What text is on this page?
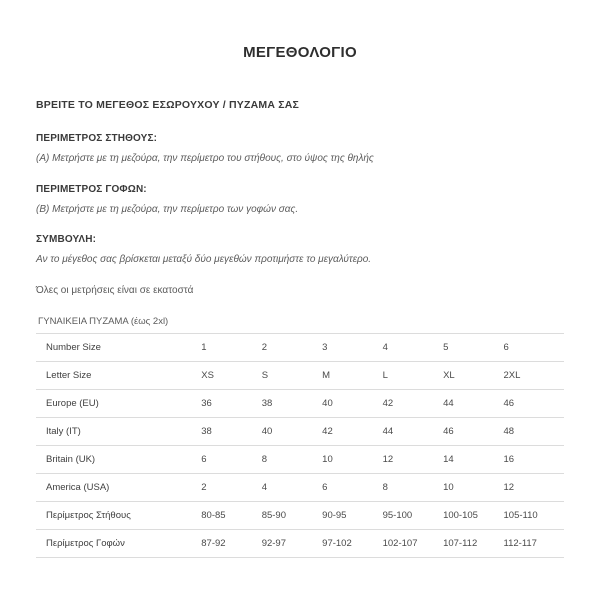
ΜΕΓΕΘΟΛΟΓΙΟ

ΒΡΕΙΤΕ ΤΟ ΜΕΓΕΘΟΣ ΕΣΩΡΟΥΧΟΥ / ΠΥΖΑΜΑ ΣΑΣ

ΠΕΡΙΜΕΤΡΟΣ ΣΤΗΘΟΥΣ:

(Α) Μετρήστε με τη μεζούρα, την περίμετρο του στήθους, στο ύψος της θηλής

ΠΕΡΙΜΕΤΡΟΣ ΓΟΦΩΝ:

(Β) Μετρήστε με τη μεζούρα, την περίμετρο των γοφών σας.

ΣΥΜΒΟΥΛΗ:

Αν το μέγεθος σας βρίσκεται μεταξύ δύο μεγεθών προτιμήστε το μεγαλύτερο.

Όλες οι μετρήσεις είναι σε εκατοστά

ΓΥΝΑΙΚΕΙΑ ΠΥΖΑΜΑ (έως 2xl)

Number Size	1	2	3	4	5	6
Letter Size	XS	S	M	L	XL	2XL
Europe (EU)	36	38	40	42	44	46
Italy (IT)	38	40	42	44	46	48
Britain (UK)	6	8	10	12	14	16
America (USA)	2	4	6	8	10	12
Περίμετρος Στήθους	80-85	85-90	90-95	95-100	100-105	105-110
Περίμετρος Γοφών	87-92	92-97	97-102	102-107	107-112	112-117
